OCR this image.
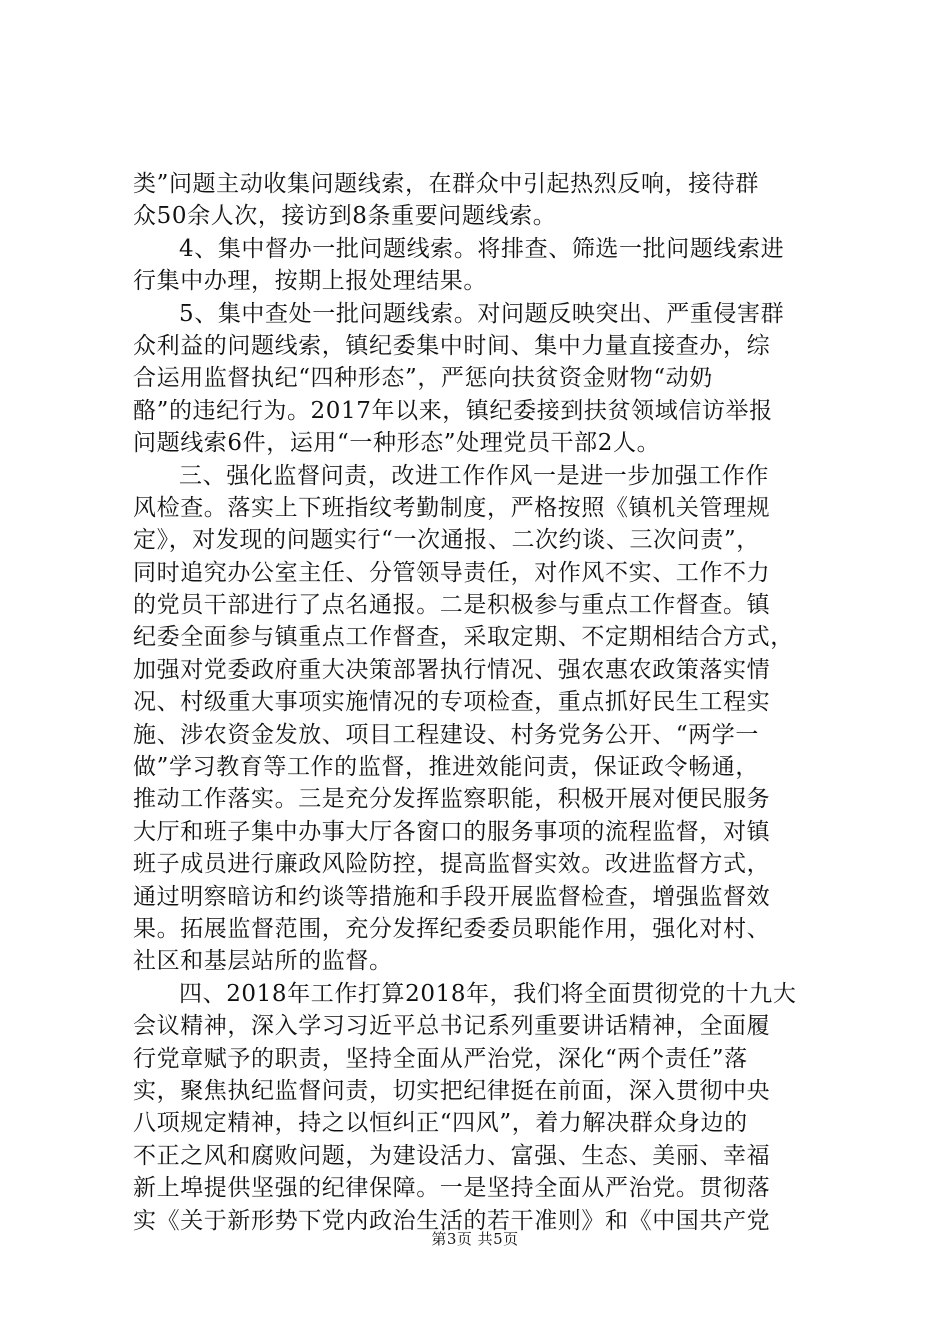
类”问题主动收集问题线索，在群众中引起热烈反响，接待群
众50余人次，接访到8条重要问题线索。
4、集中督办一批问题线索。将排查、筛选一批问题线索进
行集中办理，按期上报处理结果。
5、集中查处一批问题线索。对问题反映突出、严重侵害群
众利益的问题线索，镇纪委集中时间、集中力量直接查办，综
合运用监督执纪“四种形态”，严惩向扶贫资金财物“动奶
酪”的违纪行为。2017年以来，镇纪委接到扶贫领域信访举报
问题线索6件，运用“一种形态”处理党员干部2人。
三、强化监督问责，改进工作作风一是进一步加强工作作
风检查。落实上下班指纹考勤制度，严格按照《镇机关管理规
定》，对发现的问题实行“一次通报、二次约谈、三次问责”，
同时追究办公室主任、分管领导责任，对作风不实、工作不力
的党员干部进行了点名通报。二是积极参与重点工作督查。镇
纪委全面参与镇重点工作督查，采取定期、不定期相结合方式，
加强对党委政府重大决策部署执行情况、强农惠农政策落实情
况、村级重大事项实施情况的专项检查，重点抓好民生工程实
施、涉农资金发放、项目工程建设、村务党务公开、“两学一
做”学习教育等工作的监督，推进效能问责，保证政令畅通，
推动工作落实。三是充分发挥监察职能，积极开展对便民服务
大厅和班子集中办事大厅各窗口的服务事项的流程监督，对镇
班子成员进行廉政风险防控，提高监督实效。改进监督方式，
通过明察暗访和约谈等措施和手段开展监督检查，增强监督效
果。拓展监督范围，充分发挥纪委委员职能作用，强化对村、
社区和基层站所的监督。
四、2018年工作打算2018年，我们将全面贯彻党的十九大
会议精神，深入学习习近平总书记系列重要讲话精神，全面履
行党章赋予的职责，坚持全面从严治党，深化“两个责任”落
实，聚焦执纪监督问责，切实把纪律挺在前面，深入贯彻中央
八项规定精神，持之以恒纠正“四风”，着力解决群众身边的
不正之风和腐败问题，为建设活力、富强、生态、美丽、幸福
新上埠提供坚强的纪律保障。一是坚持全面从严治党。贯彻落
实《关于新形势下党内政治生活的若干准则》和《中国共产党
第3页 共5页
